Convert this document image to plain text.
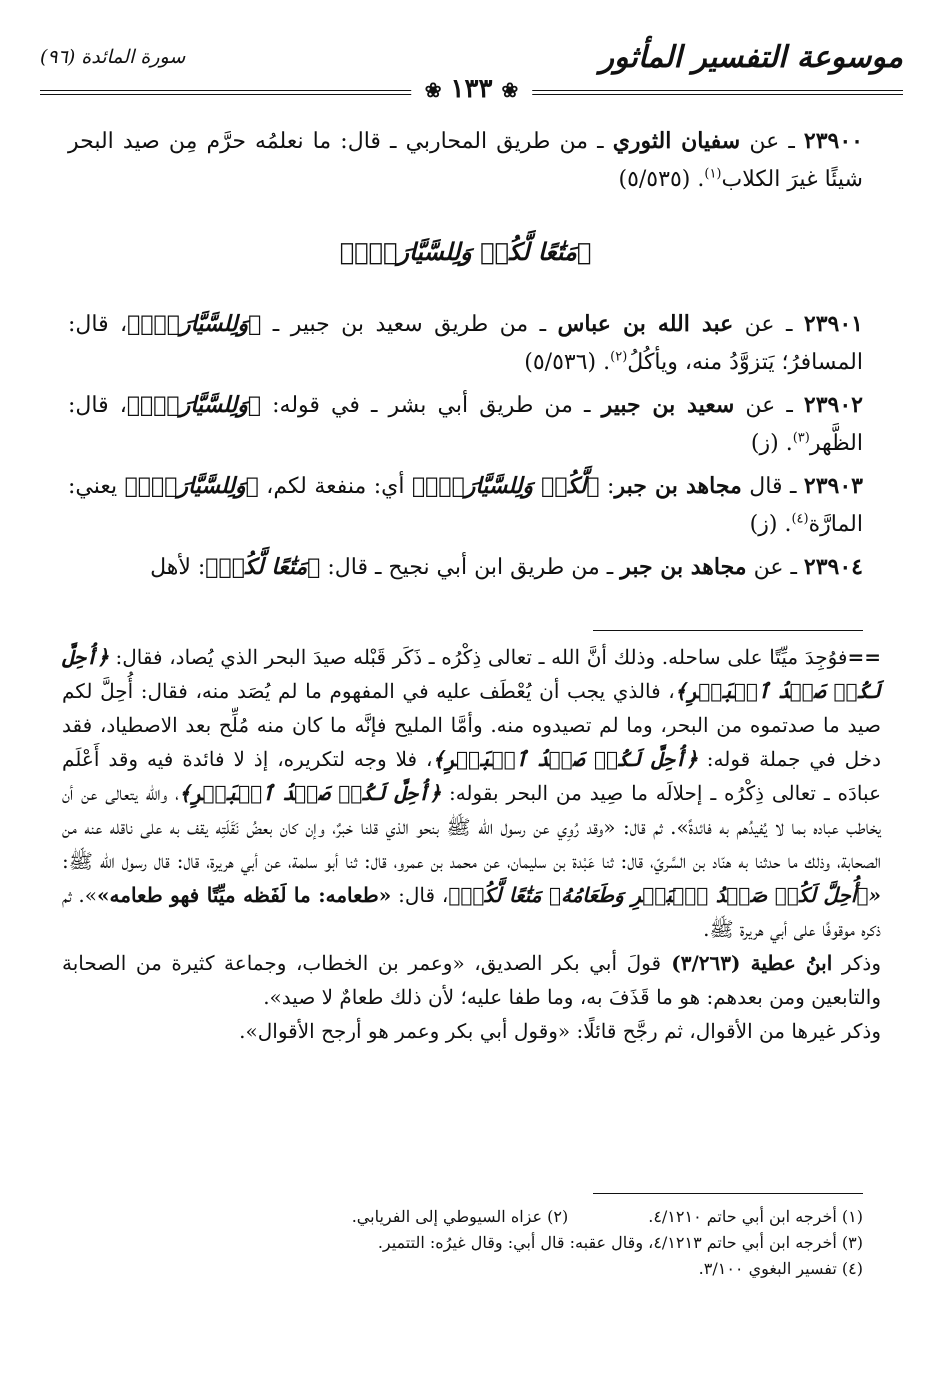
موسوعة التفسير المأثور
سورة المائدة (٩٦)
❀ ١٣٣ ❀

٢٣٩٠٠ ـ عن سفيان الثوري ـ من طريق المحاربي ـ قال: ما نعلمُه حرَّم مِن صيد البحر شيئًا غيرَ الكلاب$^{(١)}$. (٥/٥٣٥)

﴿مَتَٰعًا لَّكُمۡ وَلِلسَّيَّارَةِۖ﴾

٢٣٩٠١ ـ عن عبد الله بن عباس ـ من طريق سعيد بن جبير ـ ﴿وَلِلسَّيَّارَةِۖ﴾، قال: المسافرُ؛ يَتزوَّدُ منه، ويأكُلُ$^{(٢)}$. (٥/٥٣٦)

٢٣٩٠٢ ـ عن سعيد بن جبير ـ من طريق أبي بشر ـ في قوله: ﴿وَلِلسَّيَّارَةِۖ﴾، قال: الظَّهر$^{(٣)}$. (ز)

٢٣٩٠٣ ـ قال مجاهد بن جبر: ﴿لَّكُمۡ وَلِلسَّيَّارَةِۖ﴾ أي: منفعة لكم، ﴿وَلِلسَّيَّارَةِۖ﴾ يعني: المارَّة$^{(٤)}$. (ز)

٢٣٩٠٤ ـ عن مجاهد بن جبر ـ من طريق ابن أبي نجيح ـ قال: ﴿مَتَٰعًا لَّكُمۡ﴾: لأهل

==فوُجِدَ ميِّتًا على ساحله. وذلك أنَّ الله ـ تعالى ذِكْرُه ـ ذَكَر قَبْله صيدَ البحر الذي يُصاد، فقال: ﴿أُحِلَّ لَكُمۡ صَيۡدُ ٱلۡبَحۡرِ﴾، فالذي يجب أن يُعْطَف عليه في المفهوم ما لم يُصَد منه، فقال: أُحِلَّ لكم صيد ما صدتموه من البحر، وما لم تصيدوه منه. وأمَّا المليح فإنَّه ما كان منه مُلِّح بعد الاصطياد، فقد دخل في جملة قوله: ﴿أُحِلَّ لَكُمۡ صَيۡدُ ٱلۡبَحۡرِ﴾، فلا وجه لتكريره، إذ لا فائدة فيه وقد أَعْلَم عبادَه ـ تعالى ذِكْرُه ـ إحلالَه ما صِيد من البحر بقوله: ﴿أُحِلَّ لَكُمۡ صَيۡدُ ٱلۡبَحۡرِ﴾، والله يتعالى عن أن يخاطب عباده بما لا يُفيدُهم به فائدةً». ثم قال: «وقد رُوِي عن رسول الله ﷺ بنحو الذي قلنا خبرٌ، وإن كان بعضُ نَقَلَتِه يقف به على ناقله عنه من الصحابة، وذلك ما حدثنا به هنّاد بن السَّريّ، قال: ثنا عَبْدة بن سليمان، عن محمد بن عمرو، قال: ثنا أبو سلمة، عن أبي هريرة، قال: قال رسول الله ﷺ: «﴿أُحِلَّ لَكُمۡ صَيۡدُ ٱلۡبَحۡرِ وَطَعَامُهُۥ مَتَٰعًا لَّكُمۡ﴾، قال: «طعامه: ما لَفَظه ميِّتًا فهو طعامه»». ثم ذكره موقوفًا على أبي هريرة ﷺ.

وذكر ابنُ عطية (٣/٢٦٣) قولَ أبي بكر الصديق، «وعمر بن الخطاب، وجماعة كثيرة من الصحابة والتابعين ومن بعدهم: هو ما قَذَفَ به، وما طفا عليه؛ لأن ذلك طعامٌ لا صيد».

وذكر غيرها من الأقوال، ثم رجَّح قائلًا: «وقول أبي بكر وعمر هو أرجح الأقوال».

(١) أخرجه ابن أبي حاتم ٤/١٢١٠.
(٢) عزاه السيوطي إلى الفريابي.
(٣) أخرجه ابن أبي حاتم ٤/١٢١٣، وقال عقبه: قال أبي: وقال غيرُه: التتمير.
(٤) تفسير البغوي ٣/١٠٠.
